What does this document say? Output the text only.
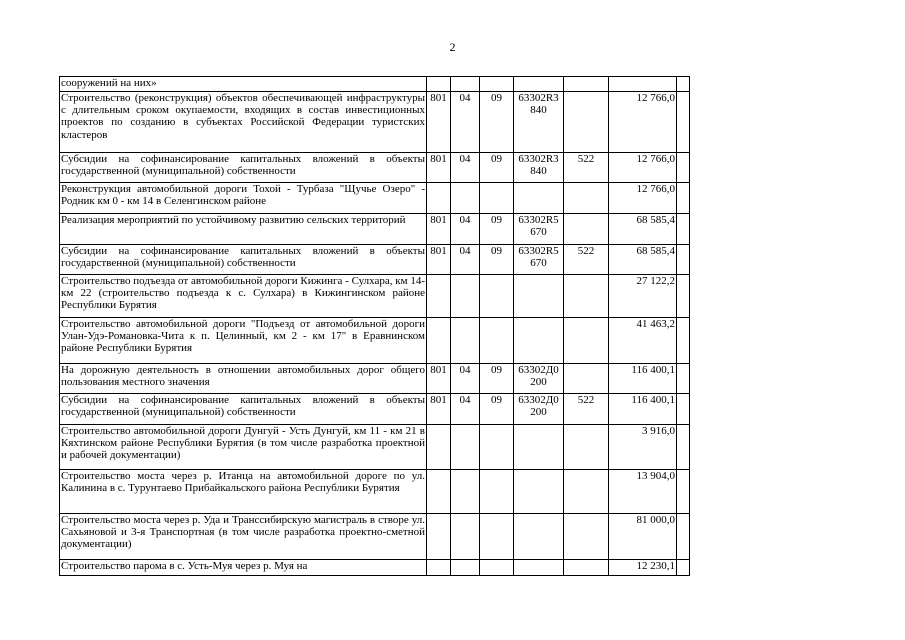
2
сооружений на них»							
Строительство (реконструкция) объектов обеспечивающей инфраструктуры с длительным сроком окупаемости, входящих в состав инвестиционных проектов по созданию в субъектах Российской Федерации туристских кластеров	801	04	09	63302R3 840		12 766,0	
Субсидии на софинансирование капитальных вложений в объекты государственной (муниципальной) собственности	801	04	09	63302R3 840	522	12 766,0	
Реконструкция автомобильной дороги Тохой - Турбаза "Щучье Озеро" - Родник км 0 - км 14 в Селенгинском районе						12 766,0	
Реализация мероприятий по устойчивому развитию сельских территорий	801	04	09	63302R5 670		68 585,4	
Субсидии на софинансирование капитальных вложений в объекты государственной (муниципальной) собственности	801	04	09	63302R5 670	522	68 585,4	
Строительство подъезда от автомобильной дороги Кижинга - Сулхара, км 14- км 22 (строительство подъезда к с. Сулхара) в Кижингинском районе Республики Бурятия						27 122,2	
Строительство автомобильной дороги "Подъезд от автомобильной дороги Улан-Удэ-Романовка-Чита к п. Целинный, км 2 - км 17" в Еравнинском районе Республики Бурятия						41 463,2	
На дорожную деятельность в отношении автомобильных дорог общего пользования местного значения	801	04	09	63302Д0 200		116 400,1	
Субсидии на софинансирование капитальных вложений в объекты государственной (муниципальной) собственности	801	04	09	63302Д0 200	522	116 400,1	
Строительство автомобильной дороги Дунгуй - Усть Дунгуй, км 11 - км 21 в Кяхтинском районе Республики Бурятия (в том числе разработка проектной и рабочей документации)						3 916,0	
Строительство моста через р. Итанца на автомобильной дороге по ул. Калинина в с. Турунтаево Прибайкальского района Республики Бурятия						13 904,0	
Строительство моста через р. Уда и Транссибирскую магистраль в створе ул. Сахьяновой и 3-я Транспортная (в том числе разработка проектно-сметной документации)						81 000,0	
Строительство парома в с. Усть-Муя через р. Муя на						12 230,1	
